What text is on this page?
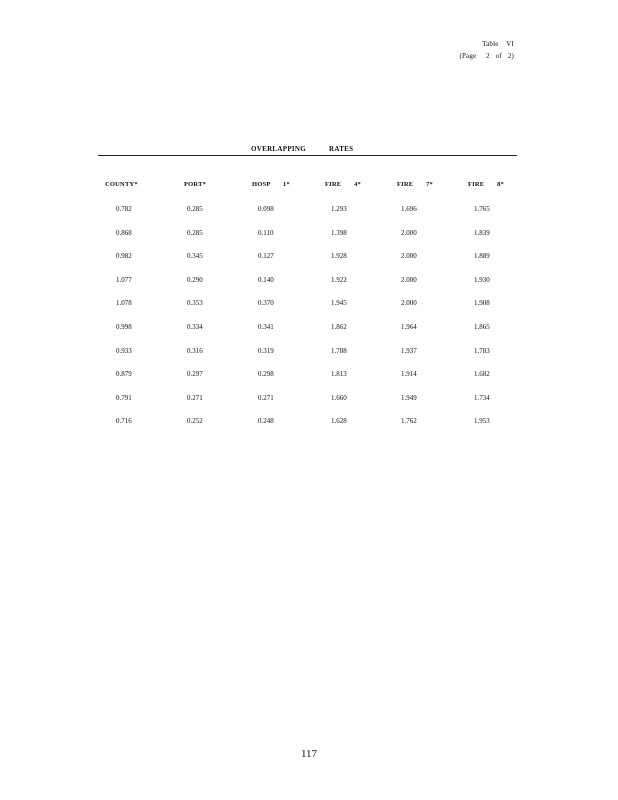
Table    VI
(Page     2   of   2)
OVERLAPPING	RATES
COUNTY*	PORT*	HOSP       1*	FIRE       4*	FIRE       7*	FIRE       8*
0.782	0.285	0.098	1.293	1.696	1.765
0.868	0.285	0.110	1.398	2.000	1.839
0.982	0.345	0.127	1.928	2.000	1.889
1.077	0.290	0.140	1.922	2.000	1.930
1.078	0.353	0.370	1.945	2.000	1.908
0.998	0.334	0.341	1.862	1.964	1.865
0.933	0.316	0.319	1.788	1.937	1.783
0.879	0.297	0.298	1.813	1.914	1.682
0.791	0.271	0.271	1.660	1.949	1.734
0.716	0.252	0.248	1.628	1.762	1.953
117
